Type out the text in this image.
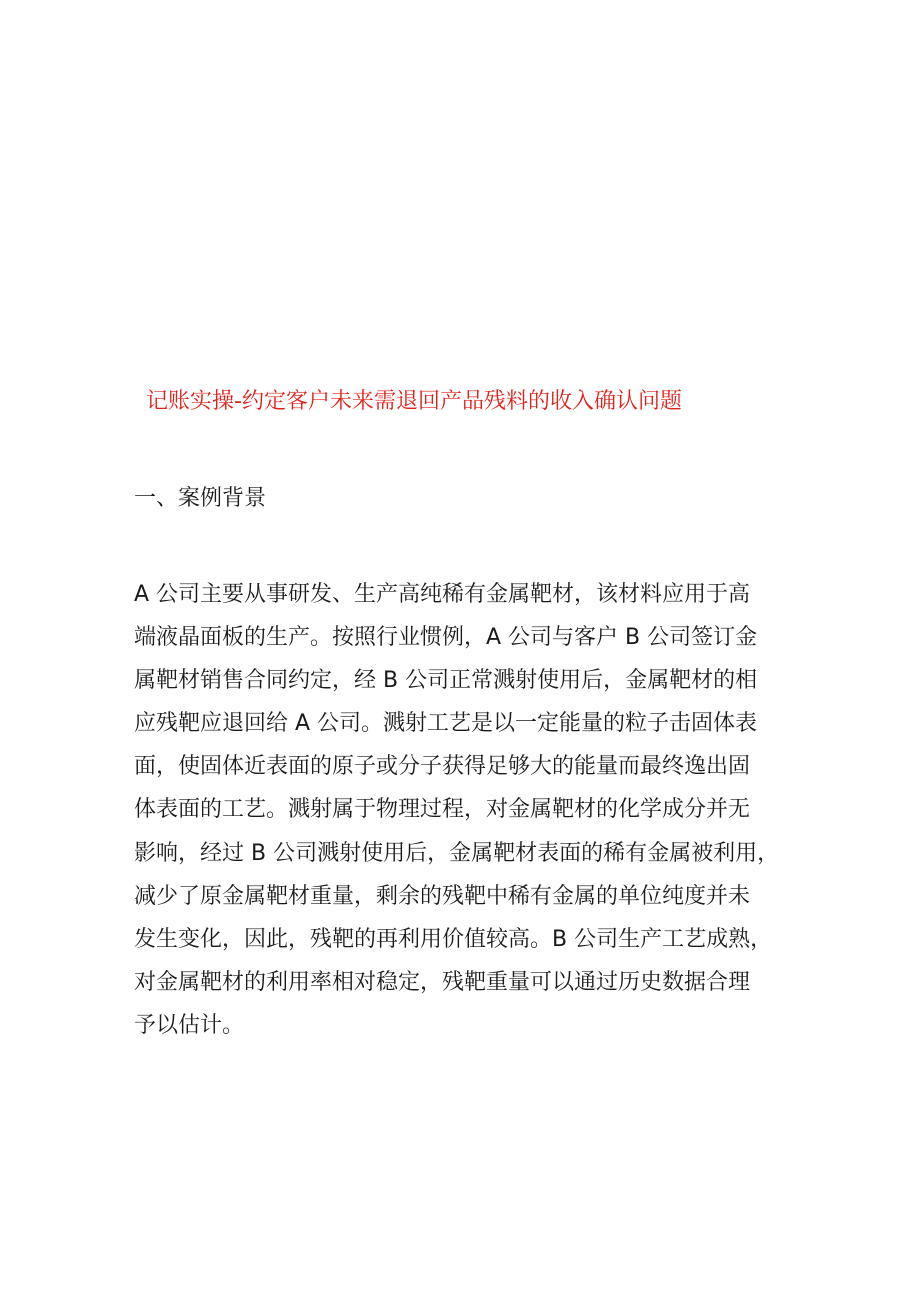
记账实操-约定客户未来需退回产品残料的收入确认问题
一、案例背景

A 公司主要从事研发、生产高纯稀有金属靶材，该材料应用于高
端液晶面板的生产。按照行业惯例，A 公司与客户 B 公司签订金
属靶材销售合同约定，经 B 公司正常溅射使用后，金属靶材的相
应残靶应退回给 A 公司。溅射工艺是以一定能量的粒子击固体表
面，使固体近表面的原子或分子获得足够大的能量而最终逸出固
体表面的工艺。溅射属于物理过程，对金属靶材的化学成分并无
影响，经过 B 公司溅射使用后，金属靶材表面的稀有金属被利用，
减少了原金属靶材重量，剩余的残靶中稀有金属的单位纯度并未
发生变化，因此，残靶的再利用价值较高。B 公司生产工艺成熟，
对金属靶材的利用率相对稳定，残靶重量可以通过历史数据合理
予以估计。
